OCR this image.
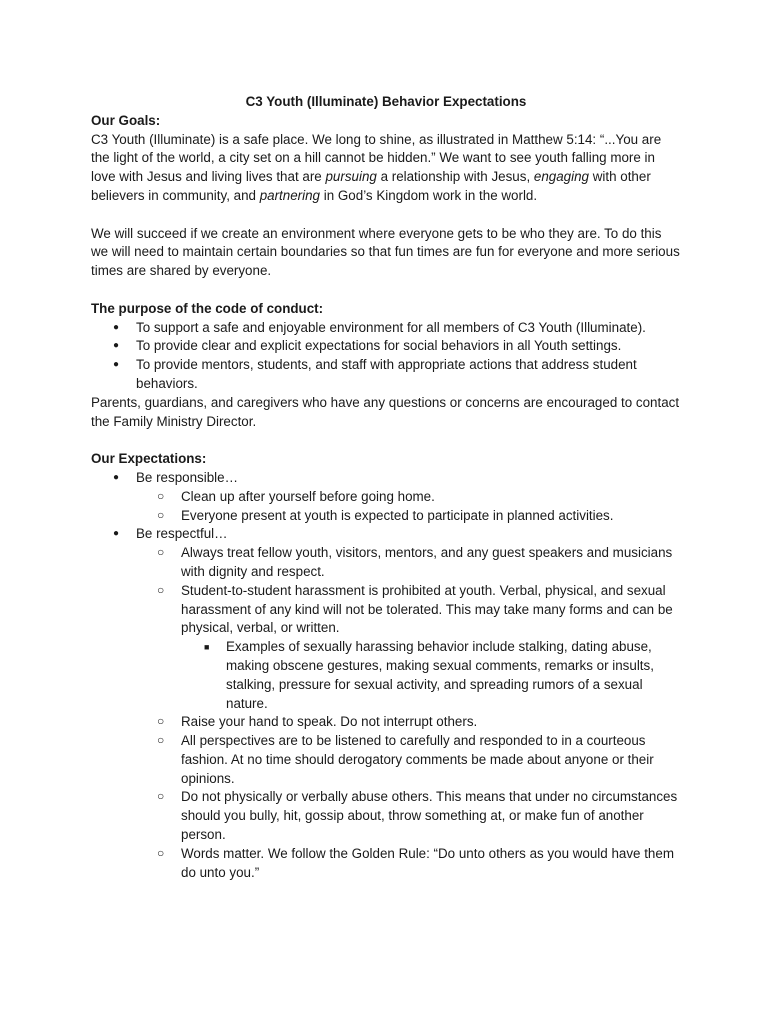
C3 Youth (Illuminate) Behavior Expectations
Our Goals:

C3 Youth (Illuminate) is a safe place. We long to shine, as illustrated in Matthew 5:14: “...You are the light of the world, a city set on a hill cannot be hidden.” We want to see youth falling more in love with Jesus and living lives that are pursuing a relationship with Jesus, engaging with other believers in community, and partnering in God’s Kingdom work in the world.

We will succeed if we create an environment where everyone gets to be who they are. To do this we will need to maintain certain boundaries so that fun times are fun for everyone and more serious times are shared by everyone.

The purpose of the code of conduct:
● To support a safe and enjoyable environment for all members of C3 Youth (Illuminate).
● To provide clear and explicit expectations for social behaviors in all Youth settings.
● To provide mentors, students, and staff with appropriate actions that address student behaviors.

Parents, guardians, and caregivers who have any questions or concerns are encouraged to contact the Family Ministry Director.

Our Expectations:
● Be responsible…
○ Clean up after yourself before going home.
○ Everyone present at youth is expected to participate in planned activities.
● Be respectful…
○ Always treat fellow youth, visitors, mentors, and any guest speakers and musicians with dignity and respect.
○ Student-to-student harassment is prohibited at youth. Verbal, physical, and sexual harassment of any kind will not be tolerated. This may take many forms and can be physical, verbal, or written.
■ Examples of sexually harassing behavior include stalking, dating abuse, making obscene gestures, making sexual comments, remarks or insults, stalking, pressure for sexual activity, and spreading rumors of a sexual nature.
○ Raise your hand to speak. Do not interrupt others.
○ All perspectives are to be listened to carefully and responded to in a courteous fashion. At no time should derogatory comments be made about anyone or their opinions.
○ Do not physically or verbally abuse others. This means that under no circumstances should you bully, hit, gossip about, throw something at, or make fun of another person.
○ Words matter. We follow the Golden Rule: “Do unto others as you would have them do unto you.”
